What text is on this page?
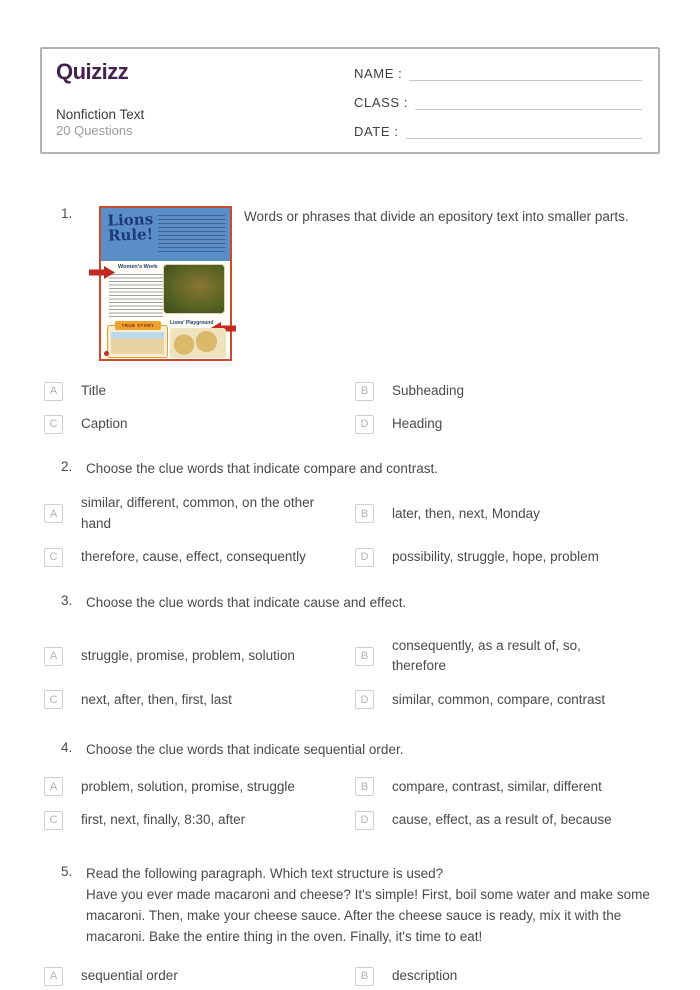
Quizizz
Nonfiction Text
20 Questions
NAME :
CLASS :
DATE :
1.	Lions
Rule!
Women's Work
TRUE STORY	Lions' Playground
Words or phrases that divide an epository text into smaller parts.
A	Title	B	Subheading
C	Caption	D	Heading
2.	Choose the clue words that indicate compare and contrast.
A
similar, different, common, on the other hand
B	later, then, next, Monday
C	therefore, cause, effect, consequently	D	possibility, struggle, hope, problem
3.	Choose the clue words that indicate cause and effect.
A	struggle, promise, problem, solution	B
consequently, as a result of, so, therefore
C	next, after, then, first, last	D	similar, common, compare, contrast
4.	Choose the clue words that indicate sequential order.
A	problem, solution, promise, struggle	B	compare, contrast, similar, different
C	first, next, finally, 8:30, after	D	cause, effect, as a result of, because
5.	Read the following paragraph. Which text structure is used?
Have you ever made macaroni and cheese? It's simple! First, boil some water and make some macaroni. Then, make your cheese sauce. After the cheese sauce is ready, mix it with the macaroni. Bake the entire thing in the oven. Finally, it's time to eat!
A	sequential order	B	description
